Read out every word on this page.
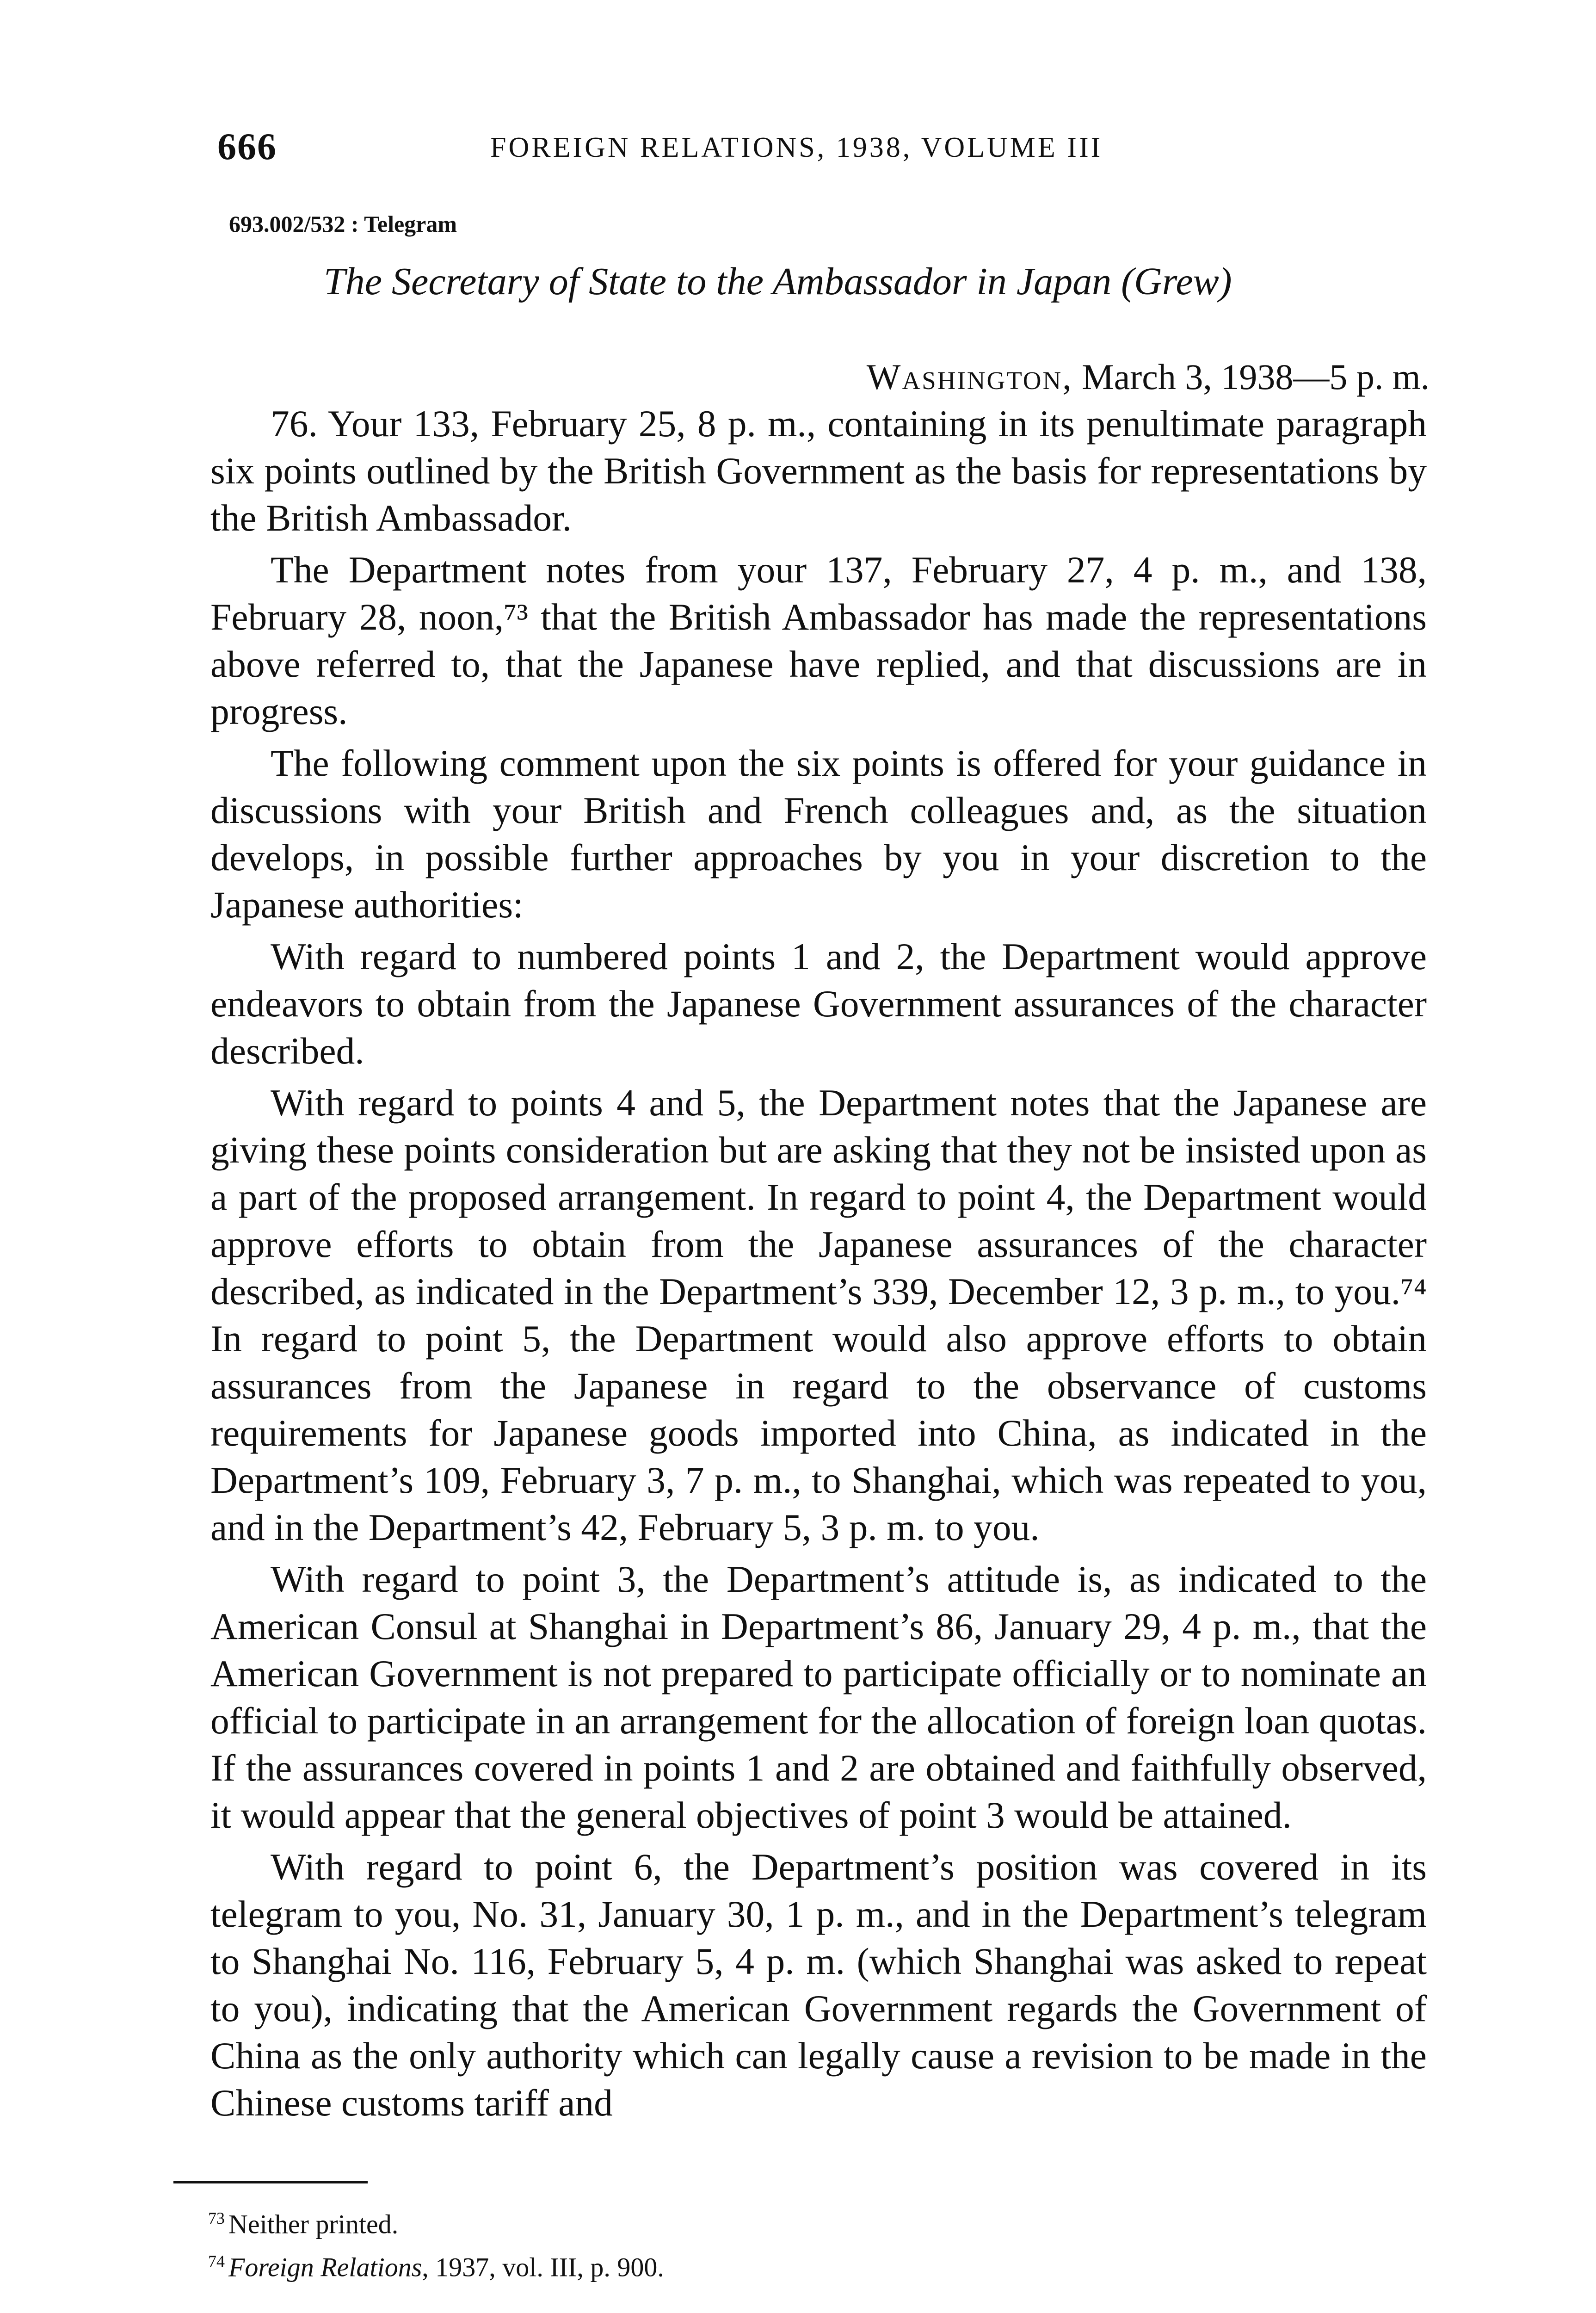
666	FOREIGN RELATIONS, 1938, VOLUME III
693.002/532 : Telegram
The Secretary of State to the Ambassador in Japan (Grew)
Washington, March 3, 1938—5 p. m.

76. Your 133, February 25, 8 p. m., containing in its penultimate paragraph six points outlined by the British Government as the basis for representations by the British Ambassador.

The Department notes from your 137, February 27, 4 p. m., and 138, February 28, noon,⁷³ that the British Ambassador has made the representations above referred to, that the Japanese have replied, and that discussions are in progress.

The following comment upon the six points is offered for your guidance in discussions with your British and French colleagues and, as the situation develops, in possible further approaches by you in your discretion to the Japanese authorities:

With regard to numbered points 1 and 2, the Department would approve endeavors to obtain from the Japanese Government assurances of the character described.

With regard to points 4 and 5, the Department notes that the Japanese are giving these points consideration but are asking that they not be insisted upon as a part of the proposed arrangement. In regard to point 4, the Department would approve efforts to obtain from the Japanese assurances of the character described, as indicated in the Department’s 339, December 12, 3 p. m., to you.⁷⁴ In regard to point 5, the Department would also approve efforts to obtain assurances from the Japanese in regard to the observance of customs requirements for Japanese goods imported into China, as indicated in the Department’s 109, February 3, 7 p. m., to Shanghai, which was repeated to you, and in the Department’s 42, February 5, 3 p. m. to you.

With regard to point 3, the Department’s attitude is, as indicated to the American Consul at Shanghai in Department’s 86, January 29, 4 p. m., that the American Government is not prepared to participate officially or to nominate an official to participate in an arrangement for the allocation of foreign loan quotas. If the assurances covered in points 1 and 2 are obtained and faithfully observed, it would appear that the general objectives of point 3 would be attained.

With regard to point 6, the Department’s position was covered in its telegram to you, No. 31, January 30, 1 p. m., and in the Department’s telegram to Shanghai No. 116, February 5, 4 p. m. (which Shanghai was asked to repeat to you), indicating that the American Government regards the Government of China as the only authority which can legally cause a revision to be made in the Chinese customs tariff and

$^{73}$ Neither printed.
$^{74}$ Foreign Relations, 1937, vol. III, p. 900.
